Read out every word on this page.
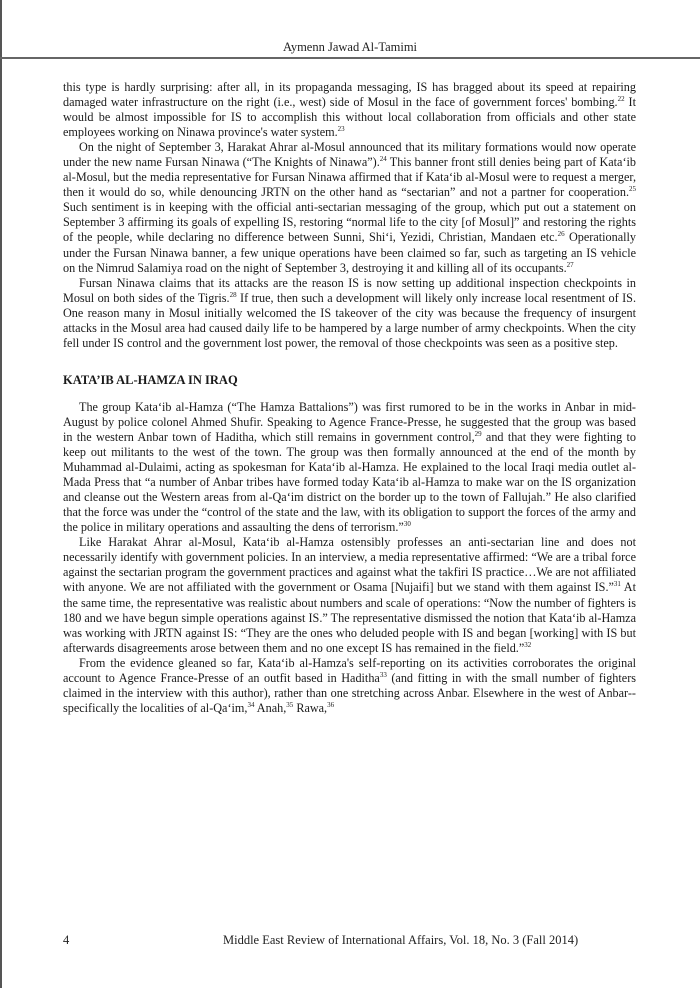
Aymenn Jawad Al-Tamimi

this type is hardly surprising: after all, in its propaganda messaging, IS has bragged about its speed at repairing damaged water infrastructure on the right (i.e., west) side of Mosul in the face of government forces' bombing.$^{22}$ It would be almost impossible for IS to accomplish this without local collaboration from officials and other state employees working on Ninawa province's water system.$^{23}$

On the night of September 3, Harakat Ahrar al-Mosul announced that its military formations would now operate under the new name Fursan Ninawa (“The Knights of Ninawa”).$^{24}$ This banner front still denies being part of Kata‘ib al-Mosul, but the media representative for Fursan Ninawa affirmed that if Kata‘ib al-Mosul were to request a merger, then it would do so, while denouncing JRTN on the other hand as “sectarian” and not a partner for cooperation.$^{25}$ Such sentiment is in keeping with the official anti-sectarian messaging of the group, which put out a statement on September 3 affirming its goals of expelling IS, restoring “normal life to the city [of Mosul]” and restoring the rights of the people, while declaring no difference between Sunni, Shi‘i, Yezidi, Christian, Mandaen etc.$^{26}$ Operationally under the Fursan Ninawa banner, a few unique operations have been claimed so far, such as targeting an IS vehicle on the Nimrud Salamiya road on the night of September 3, destroying it and killing all of its occupants.$^{27}$

Fursan Ninawa claims that its attacks are the reason IS is now setting up additional inspection checkpoints in Mosul on both sides of the Tigris.$^{28}$ If true, then such a development will likely only increase local resentment of IS. One reason many in Mosul initially welcomed the IS takeover of the city was because the frequency of insurgent attacks in the Mosul area had caused daily life to be hampered by a large number of army checkpoints. When the city fell under IS control and the government lost power, the removal of those checkpoints was seen as a positive step.

KATA’IB AL-HAMZA IN IRAQ

The group Kata‘ib al-Hamza (“The Hamza Battalions”) was first rumored to be in the works in Anbar in mid-August by police colonel Ahmed Shufir. Speaking to Agence France-Presse, he suggested that the group was based in the western Anbar town of Haditha, which still remains in government control,$^{29}$ and that they were fighting to keep out militants to the west of the town. The group was then formally announced at the end of the month by Muhammad al-Dulaimi, acting as spokesman for Kata‘ib al-Hamza. He explained to the local Iraqi media outlet al-Mada Press that “a number of Anbar tribes have formed today Kata‘ib al-Hamza to make war on the IS organization and cleanse out the Western areas from al-Qa‘im district on the border up to the town of Fallujah.” He also clarified that the force was under the “control of the state and the law, with its obligation to support the forces of the army and the police in military operations and assaulting the dens of terrorism.”$^{30}$

Like Harakat Ahrar al-Mosul, Kata‘ib al-Hamza ostensibly professes an anti-sectarian line and does not necessarily identify with government policies. In an interview, a media representative affirmed: “We are a tribal force against the sectarian program the government practices and against what the takfiri IS practice…We are not affiliated with anyone. We are not affiliated with the government or Osama [Nujaifi] but we stand with them against IS.”$^{31}$ At the same time, the representative was realistic about numbers and scale of operations: “Now the number of fighters is 180 and we have begun simple operations against IS.” The representative dismissed the notion that Kata‘ib al-Hamza was working with JRTN against IS: “They are the ones who deluded people with IS and began [working] with IS but afterwards disagreements arose between them and no one except IS has remained in the field.”$^{32}$

From the evidence gleaned so far, Kata‘ib al-Hamza's self-reporting on its activities corroborates the original account to Agence France-Presse of an outfit based in Haditha$^{33}$ (and fitting in with the small number of fighters claimed in the interview with this author), rather than one stretching across Anbar. Elsewhere in the west of Anbar--specifically the localities of al-Qa‘im,$^{34}$ Anah,$^{35}$ Rawa,$^{36}$

4	Middle East Review of International Affairs, Vol. 18, No. 3 (Fall 2014)
